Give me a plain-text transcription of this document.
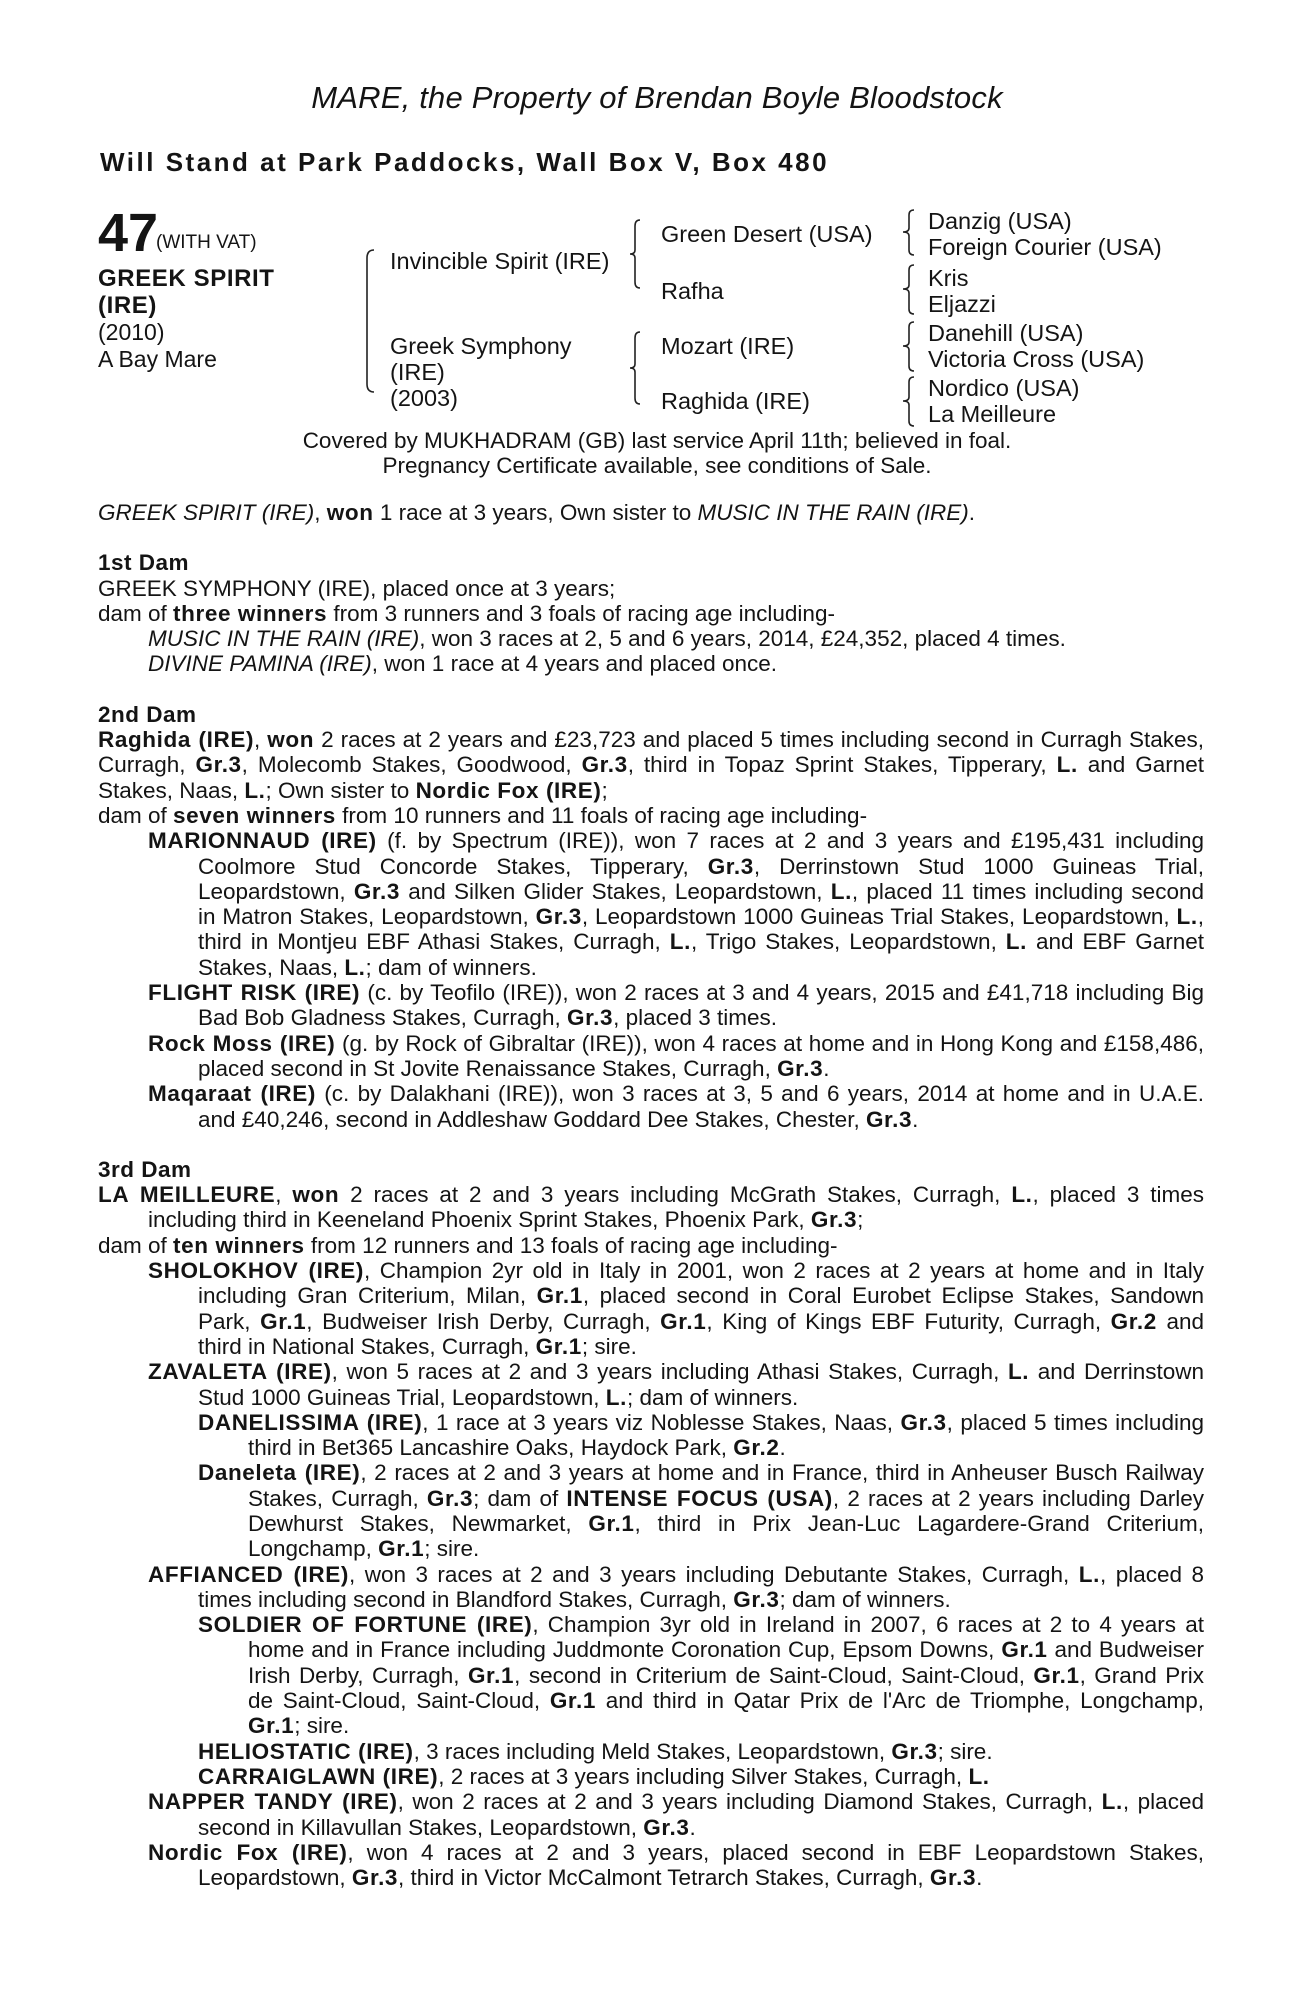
MARE, the Property of Brendan Boyle Bloodstock
Will Stand at Park Paddocks, Wall Box V, Box 480
47
(WITH VAT)
GREEK SPIRIT
(IRE)
(2010)
A Bay Mare
Invincible Spirit (IRE)
Greek Symphony
(IRE)
(2003)
Green Desert (USA)
Rafha
Mozart (IRE)
Raghida (IRE)
Danzig (USA)
Foreign Courier (USA)
Kris
Eljazzi
Danehill (USA)
Victoria Cross (USA)
Nordico (USA)
La Meilleure
Covered by MUKHADRAM (GB) last service April 11th; believed in foal.
Pregnancy Certificate available, see conditions of Sale.

GREEK SPIRIT (IRE), won 1 race at 3 years, Own sister to MUSIC IN THE RAIN (IRE).

1st Dam

GREEK SYMPHONY (IRE), placed once at 3 years;

dam of three winners from 3 runners and 3 foals of racing age including-

MUSIC IN THE RAIN (IRE), won 3 races at 2, 5 and 6 years, 2014, £24,352, placed 4 times.

DIVINE PAMINA (IRE), won 1 race at 4 years and placed once.

2nd Dam

Raghida (IRE), won 2 races at 2 years and £23,723 and placed 5 times including second in Curragh Stakes, Curragh, Gr.3, Molecomb Stakes, Goodwood, Gr.3, third in Topaz Sprint Stakes, Tipperary, L. and Garnet Stakes, Naas, L.; Own sister to Nordic Fox (IRE);

dam of seven winners from 10 runners and 11 foals of racing age including-

MARIONNAUD (IRE) (f. by Spectrum (IRE)), won 7 races at 2 and 3 years and £195,431 including Coolmore Stud Concorde Stakes, Tipperary, Gr.3, Derrinstown Stud 1000 Guineas Trial, Leopardstown, Gr.3 and Silken Glider Stakes, Leopardstown, L., placed 11 times including second in Matron Stakes, Leopardstown, Gr.3, Leopardstown 1000 Guineas Trial Stakes, Leopardstown, L., third in Montjeu EBF Athasi Stakes, Curragh, L., Trigo Stakes, Leopardstown, L. and EBF Garnet Stakes, Naas, L.; dam of winners.

FLIGHT RISK (IRE) (c. by Teofilo (IRE)), won 2 races at 3 and 4 years, 2015 and £41,718 including Big Bad Bob Gladness Stakes, Curragh, Gr.3, placed 3 times.

Rock Moss (IRE) (g. by Rock of Gibraltar (IRE)), won 4 races at home and in Hong Kong and £158,486, placed second in St Jovite Renaissance Stakes, Curragh, Gr.3.

Maqaraat (IRE) (c. by Dalakhani (IRE)), won 3 races at 3, 5 and 6 years, 2014 at home and in U.A.E. and £40,246, second in Addleshaw Goddard Dee Stakes, Chester, Gr.3.

3rd Dam

LA MEILLEURE, won 2 races at 2 and 3 years including McGrath Stakes, Curragh, L., placed 3 times including third in Keeneland Phoenix Sprint Stakes, Phoenix Park, Gr.3;

dam of ten winners from 12 runners and 13 foals of racing age including-

SHOLOKHOV (IRE), Champion 2yr old in Italy in 2001, won 2 races at 2 years at home and in Italy including Gran Criterium, Milan, Gr.1, placed second in Coral Eurobet Eclipse Stakes, Sandown Park, Gr.1, Budweiser Irish Derby, Curragh, Gr.1, King of Kings EBF Futurity, Curragh, Gr.2 and third in National Stakes, Curragh, Gr.1; sire.

ZAVALETA (IRE), won 5 races at 2 and 3 years including Athasi Stakes, Curragh, L. and Derrinstown Stud 1000 Guineas Trial, Leopardstown, L.; dam of winners.

DANELISSIMA (IRE), 1 race at 3 years viz Noblesse Stakes, Naas, Gr.3, placed 5 times including third in Bet365 Lancashire Oaks, Haydock Park, Gr.2.

Daneleta (IRE), 2 races at 2 and 3 years at home and in France, third in Anheuser Busch Railway Stakes, Curragh, Gr.3; dam of INTENSE FOCUS (USA), 2 races at 2 years including Darley Dewhurst Stakes, Newmarket, Gr.1, third in Prix Jean-Luc Lagardere-Grand Criterium, Longchamp, Gr.1; sire.

AFFIANCED (IRE), won 3 races at 2 and 3 years including Debutante Stakes, Curragh, L., placed 8 times including second in Blandford Stakes, Curragh, Gr.3; dam of winners.

SOLDIER OF FORTUNE (IRE), Champion 3yr old in Ireland in 2007, 6 races at 2 to 4 years at home and in France including Juddmonte Coronation Cup, Epsom Downs, Gr.1 and Budweiser Irish Derby, Curragh, Gr.1, second in Criterium de Saint-Cloud, Saint-Cloud, Gr.1, Grand Prix de Saint-Cloud, Saint-Cloud, Gr.1 and third in Qatar Prix de l'Arc de Triomphe, Longchamp, Gr.1; sire.

HELIOSTATIC (IRE), 3 races including Meld Stakes, Leopardstown, Gr.3; sire.

CARRAIGLAWN (IRE), 2 races at 3 years including Silver Stakes, Curragh, L.

NAPPER TANDY (IRE), won 2 races at 2 and 3 years including Diamond Stakes, Curragh, L., placed second in Killavullan Stakes, Leopardstown, Gr.3.

Nordic Fox (IRE), won 4 races at 2 and 3 years, placed second in EBF Leopardstown Stakes, Leopardstown, Gr.3, third in Victor McCalmont Tetrarch Stakes, Curragh, Gr.3.
